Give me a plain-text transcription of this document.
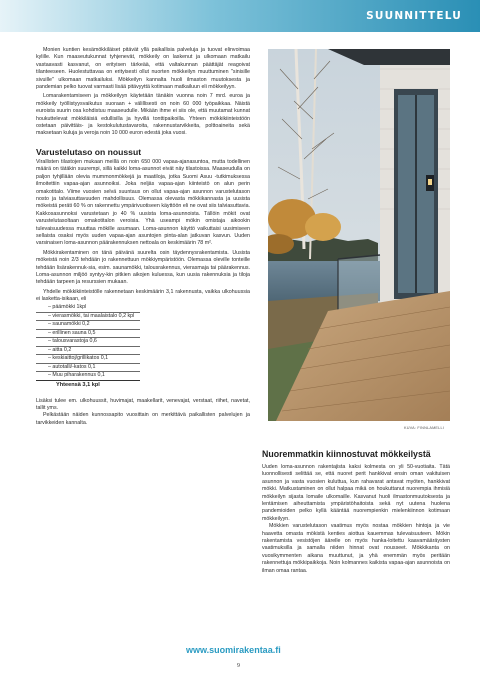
SUUNNITTELU

Monien kuntien kesämökkiläiset pitävät yllä paikallisia palveluja ja tuovat elinvoimaa kylille. Kun maaseutukunnat tyhjenevät, mökkeily on laskenut ja ulkomaan matkailu vastaavasti kasvanut, on erityisen tärkeää, että valtakunnan päättäjät reagoivat tilanteeseen. Huolestuttavaa on erityisesti ollut nuorten mökkeilyn muuttuminen "sinisille sivuille" ulkomaan matkailuksi. Mökkeilyn kannalta huoli ilmaston muutoksesta ja pandemian pelko tuovat varmasti lisää pitävyyttä kotimaan matkailuun eli mökkeilyyn.

Lomarakentamiseen ja mökkeilyyn käytetään tänäkin vuonna noin 7 mrd. euroa ja mökkeily työllistyysvaikutus suoraan + välillisesti on noin 60 000 työpaikkaa. Näistä euroista suurin osa kohdistuu maaseudulle. Mikään ihme ei siis ole, että muutamat kunnat houkuttelevat mökkiläisiä edullisilla ja hyvillä tonttipaikoilla. Yhteen mökkikiinteistöön ostetaan päivittäis- ja kestokulutustavaroita, rakennustarvikkeita, polttoaineita sekä maksetaan kuluja ja veroja noin 10 000 euron edestä joka vuosi.

Varustelutaso on noussut

Virallisten tilastojen mukaan meillä on noin 650 000 vapaa-ajanasuntoa, mutta todellinen määrä on tätäkin suurempi, sillä kaikki loma-asunnot eivät näy tilastoissa. Maaseudulla on paljon tyhjillään olevia mummonmökkejä ja maatiloja, jotka Suomi Asuu -tutkimuksessa ilmoitettiin vapaa-ajan asunnoiksi. Joka neljäs vapaa-ajan kiinteistö on alun perin omakotitalo. Viime vuosien selvä suuntaus on ollut vapaa-ajan asunnon varustelutason nosto ja talviasuttavuuden mahdollisuus. Olemassa olevasta mökkikannasta ja uusista mökeistä peräti 60 % on rakennettu ympärivuotiseen käyttöön eli ne ovat siis talviasuttavia. Kakkosasunnoksi varustetaan jo 40 % uusista loma-asunnoista. Tällöin mökit ovat varustelutasoltaan omakotitalon veroisia. Yhä useampi mökin omistaja aikookin tulevaisuudessa muuttaa mökille asumaan. Loma-asunnon käyttö vaikuttaisi uusimiseen sellaista osaksi myös uuden vapaa-ajan asuntojen pinta-alan jatkuvan kasvun. Uuden varsinaisen loma-asunnon päärakennuksen nettoala on keskimäärin 78 m².

Mökkirakentaminen on tänä päivänä suurelta osin täydennysrakentamista. Uusista mökeistä noin 2/3 tehdään jo rakennettuun mökkiympäristöön. Olemassa oleville tonteille tehdään lisärakennuk-sia, esim. saunamökki, talousrakennus, vierasmaja tai päärakennus. Loma-asunnon miljöö syntyy-kin pitkien aikojen kuluessa, kun uusia rakennuksia ja tiloja tehdään tarpeen ja resurssien mukaan.

Yhdelle mökkikiinteistölle rakennetaan keskimäärin 3,1 rakennusta, vaikka ulkohuussia ei lasketta-isikaan, eli

– päämökki 1kpl
– vierasmökki, tai maalaistalo 0,2 kpl
– saunamökki 0,2
– erillinen sauna 0,5
– talousvarastoja 0,6
– aitta 0,2
– keskiaittoj/grillikatos 0,1
– autotalli/-katos 0,1
– Muu piharakennus 0,1
Yhteensä 3,1 kpl

Lisäksi tulee em. ulkohuussit, huvimajat, maakellarit, venevajat, verstaat, riihet, navetat, tallit yms.

Pelkästään näiden kunnossapito vuosittain on merkittävä paikallisten palvelujen ja tarvikkeiden kannalta.

KUVA: FINNLAMELLI
Nuoremmatkin kiinnostuvat mökkeilystä

Uuden loma-asunnon rakentajista kaksi kolmesta on yli 50-vuotiaita. Tätä luonnollisesti selittää se, että nuoret perit hankkivat ensin oman vakituisen asunnon ja vasta vuosien kuluttua, kun rahavarat antavat myöten, hankkivat mökki. Matkustaminen on ollut halpaa mikä on houkuttanut nuorempia ihmisiä mökkeilyn sijasta lomaile ulkomaille. Kasvanut huoli ilmastonmuutoksesta ja lentämisen aiheuttamista ympäristöhaitoista sekä nyt uutena huolena pandemioiden pelko kyllä kääntää nuorempienkin mielenkiinnon kotimaan mökkeilyyn.

Mökkien varustelutason vaatimus myös nostaa mökkien hintoja ja vie haavetta omasta mökistä kenties aiottua kauemmas tulevaisuuteen. Mökin rakentamista vesistöjen äärelle on myös hanka-loitettu kaavamääräysten vaatimuksilla ja samalla niiden hinnat ovat nousseet. Mökkikanta on vuosikymmenten aikana muuttunut, ja yhä enemmän myös peritään rakennettuja mökkipaikkoja. Noin kolmannes kaikista vapaa-ajan asunnoista on ilman omaa rantaa.

www.suomirakentaa.fi
9
